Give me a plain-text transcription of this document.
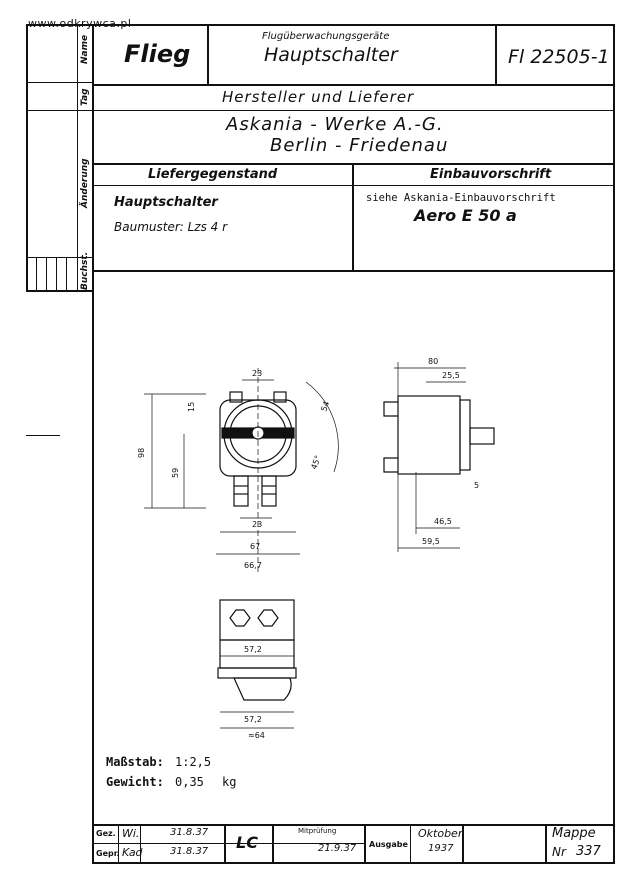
Name
Tag
Änderung
Buchst.
Flieg
Flugüberwachungsgeräte
Hauptschalter	Fl 22505-1
Hersteller und Lieferer
Askania - Werke A.-G.
Berlin - Friedenau
Liefergegenstand	Einbauvorschrift
Hauptschalter
Baumuster: Lzs 4 r
siehe Askania-Einbauvorschrift
Aero E 50 a
23
98
59
15
23
67
66,7
54
45°
AUS	EIN
80
25,5
46,5
59,5
5
57,2
57,2
≈64
Maßstab: 1:2,5
Gewicht: 0,35 kg
Gez. Wi.	31.8.37
Gepr. Kad	31.8.37 LC
Mitprüfung
21.9.37 Ausgabe
Oktober
1937
Mappe
Nr 337
